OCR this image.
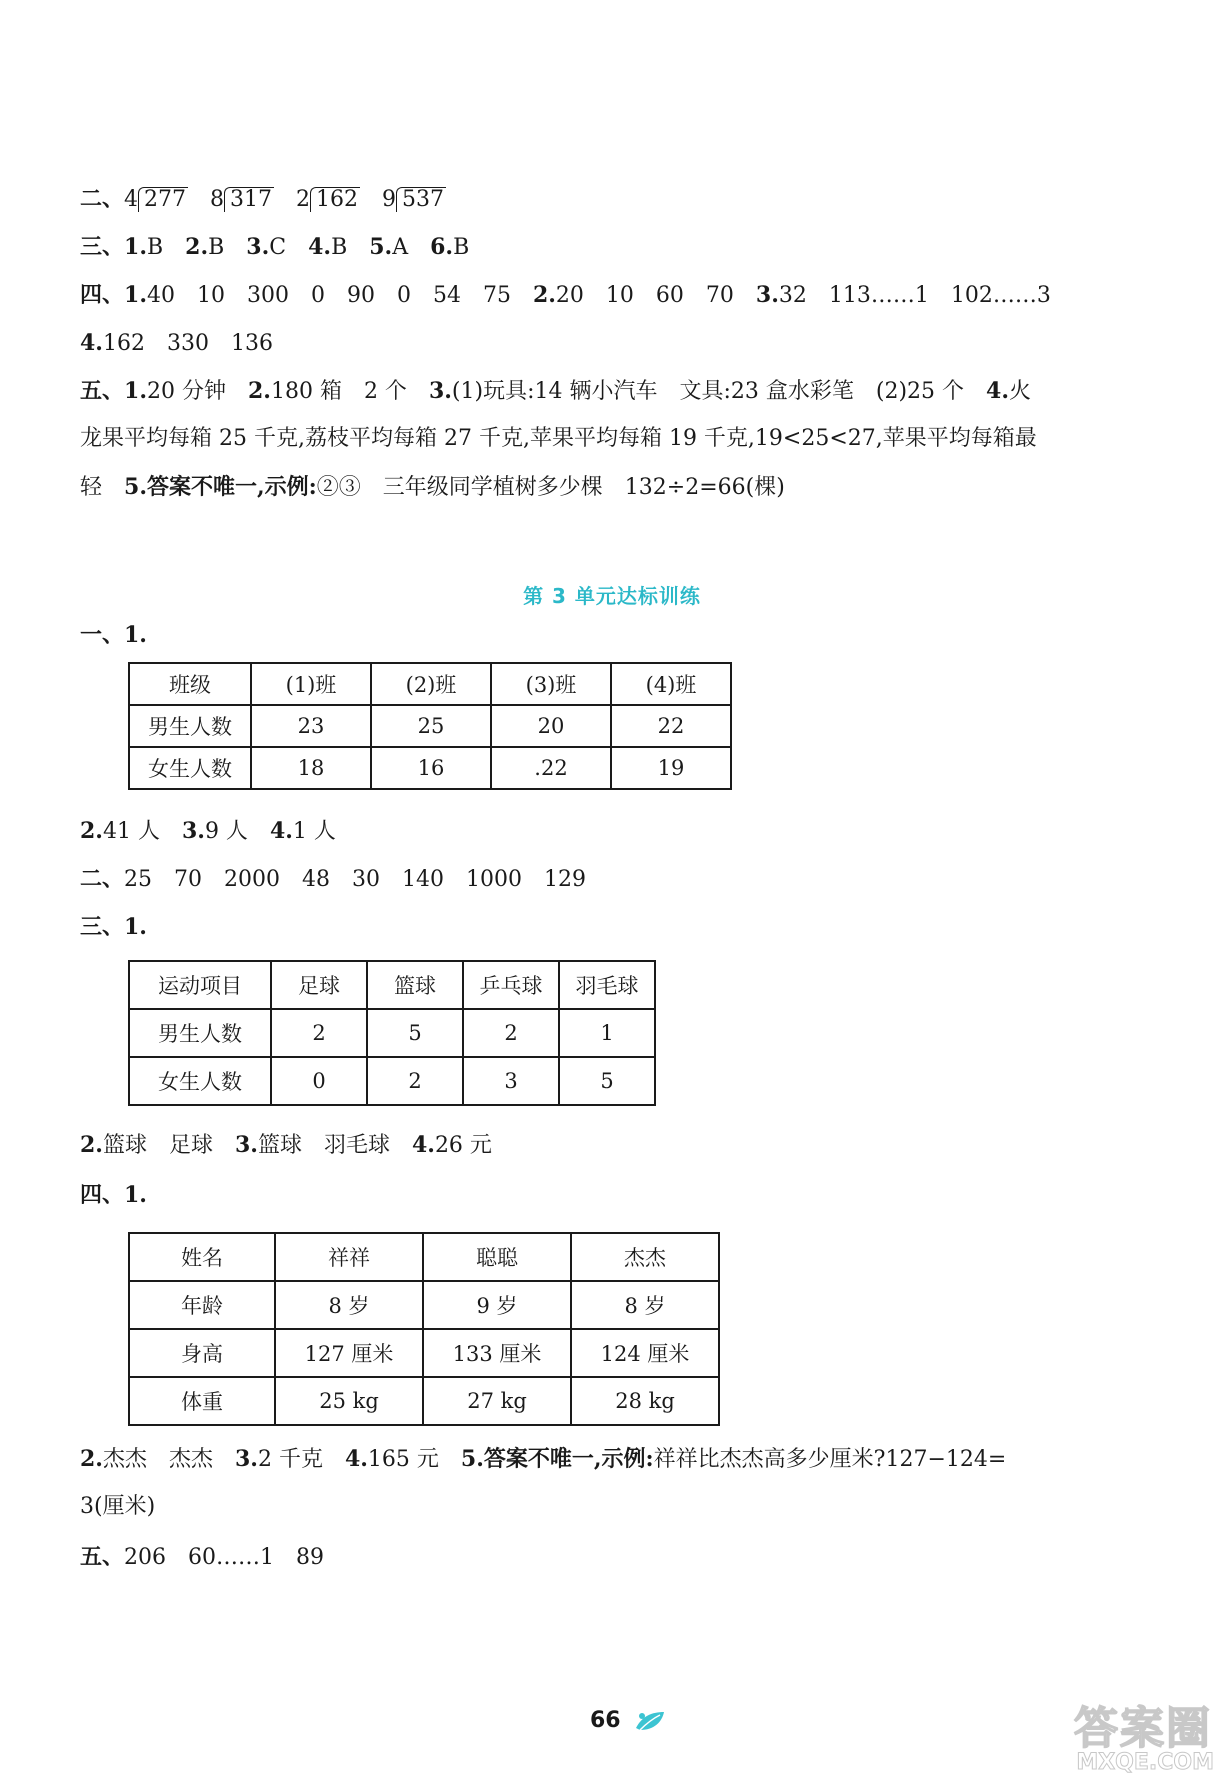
二、4 277 8 317 2 162 9 537
三、1.B 2.B 3.C 4.B 5.A 6.B
四、1.40　10　300　0　90　0　54　75 2.20　10　60　70 3.32　113……1　102……3
4.162　330　136
五、1.20 分钟 2.180 箱　2 个 3.(1)玩具:14 辆小汽车　文具:23 盒水彩笔　(2)25 个 4.火
龙果平均每箱 25 千克,荔枝平均每箱 27 千克,苹果平均每箱 19 千克,19<25<27,苹果平均每箱最
轻 5.答案不唯一,示例:②③　三年级同学植树多少棵　132÷2=66(棵)
第 3 单元达标训练
一、1.
班级	(1)班	(2)班	(3)班	(4)班
男生人数	23	25	20	22
女生人数	18	16	.22	19
2.41 人 3.9 人 4.1 人
二、25　70　2000　48　30　140　1000　129
三、1.
运动项目	足球	篮球	乒乓球	羽毛球
男生人数	2	5	2	1
女生人数	0	2	3	5
2.篮球　足球 3.篮球　羽毛球 4.26 元
四、1.
姓名	祥祥	聪聪	杰杰
年龄	8 岁	9 岁	8 岁
身高	127 厘米	133 厘米	124 厘米
体重	25 kg	27 kg	28 kg
2.杰杰　杰杰 3.2 千克 4.165 元 5.答案不唯一,示例:祥祥比杰杰高多少厘米?127−124=
3(厘米)
五、206　60……1　89
66	答案圈
MXQE.COM
